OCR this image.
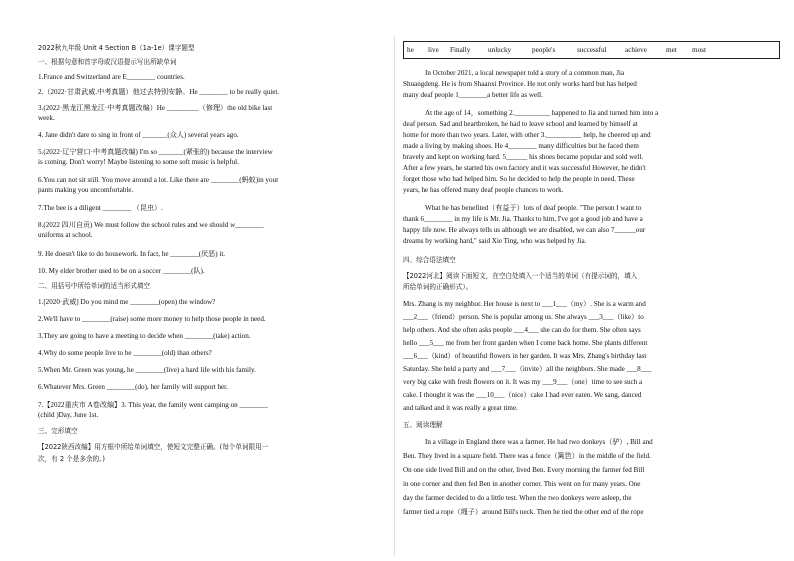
2022秋九年级 Unit 4 Section B（1a-1e）课字题型
一、根据句意和首字母或汉语提示写出所缺单词
1.France and Switzerland are E________ countries.
2.（2022·甘肃武威.中考真题）他过去特别安静。He ________ to be really quiet.
3.(2022·黑龙江黑龙江·中考真题改编）He _________（修理）the old bike last
week.
4. Jane didn't dare to sing in front of _______(众人) several years ago.
5.(2022·辽宁营口·中考真题改编) I'm so _______(紧张的) because the interview
is coming. Don't worry! Maybe listening to some soft music is helpful.
6.You can not sit still. You move around a lot. Like there are ________(蚂蚁)in your
pants making you uncomfortable.
7.The bee is a diligent ________ （昆虫）.
8.(2022 四川自贡) We must follow the school rules and we should w________
uniforms at school.
9. He doesn't like to do housework. In fact, he ________(厌恶) it.
10. My elder brother used to be on a soccer ________(队).
二、用括号中所给单词的适当形式填空
1.[2020·武威] Do you mind me ________(open) the window?
2.We'll have to ________(raise) some more money to help those people in need.
3.They are going to have a meeting to decide when ________(take) action.
4.Why do some people live to be ________(old) than others?
5.When Mr. Green was young, he ________(live) a hard life with his family.
6.Whatever Mrs. Green ________(do), her family will support her.
7.【2022重庆市 A卷改编】3. This year, the family went camping on ________
(child )Day, June 1st.
三、完形填空
【2022陕西改编】用方框中所给单词填空，使短文完整正确。(每个单词限用一
次，有 2 个是多余的。)
he live Finally unlucky	people's	successful	achieve	met most
In October 2021, a local newspaper told a story of a common man, Jia
Shuangdeng. He is from Shaanxi Province. He not only works hard but has helped
many deaf people 1________a better life as well.
At the age of 14，something 2.__________ happened to Jia and turned him into a
deaf person. Sad and heartbroken, he had to leave school and learned by himself at
home for more than two years. Later, with other 3.__________ help, he cheered up and
made a living by making shoes. He 4________ many difficulties but he faced them
bravely and kept on working hard. 5______ his shoes became popular and sold well.
After a few years, he started his own factory and it was successful However, he didn't
forget those who had helped him. So he decided to help the people in need. These
years, he has offered many deaf people chances to work.
What he has benefited（有益于）lots of deaf people. "The person I want to
thank 6________ in my life is Mr. Jia. Thanks to him, I've got a good job and have a
happy life now. He always tells us although we are disabled, we can also 7______our
dreams by working hard," said Xie Ting, who was helped by Jia.
四、综合语法填空
【2022河北】阅读下面短文，在空白处填入一个适当的单词（有提示词的，填入
所给单词的正确形式）。
Mrs. Zhang is my neighbor. Her house is next to ___1___（my）. She is a warm and
___2___（friend）person. She is popular among us. She always ___3___（like）to
help others. And she often asks people ___4___ she can do for them. She often says
hello ___5___ me from her front garden when I come back home. She plants different
___6___（kind）of beautiful flowers in her garden. It was Mrs. Zhang's birthday last
Saturday. She held a party and ___7___（invite）all the neighbors. She made ___8___
very big cake with fresh flowers on it. It was my ___9___（one）time to see such a
cake. I thought it was the ___10___（nice）cake I had ever eaten. We sang, danced
and talked and it was really a great time.
五、阅读理解
In a village in England there was a farmer. He had two donkeys（驴）, Bill and
Ben. They lived in a square field. There was a fence（篱笆）in the middle of the field.
On one side lived Bill and on the other, lived Ben. Every morning the farmer fed Bill
in one corner and then fed Ben in another corner. This went on for many years. One
day the farmer decided to do a little test. When the two donkeys were asleep, the
farmer tied a rope（绳子）around Bill's neck. Then he tied the other end of the rope
